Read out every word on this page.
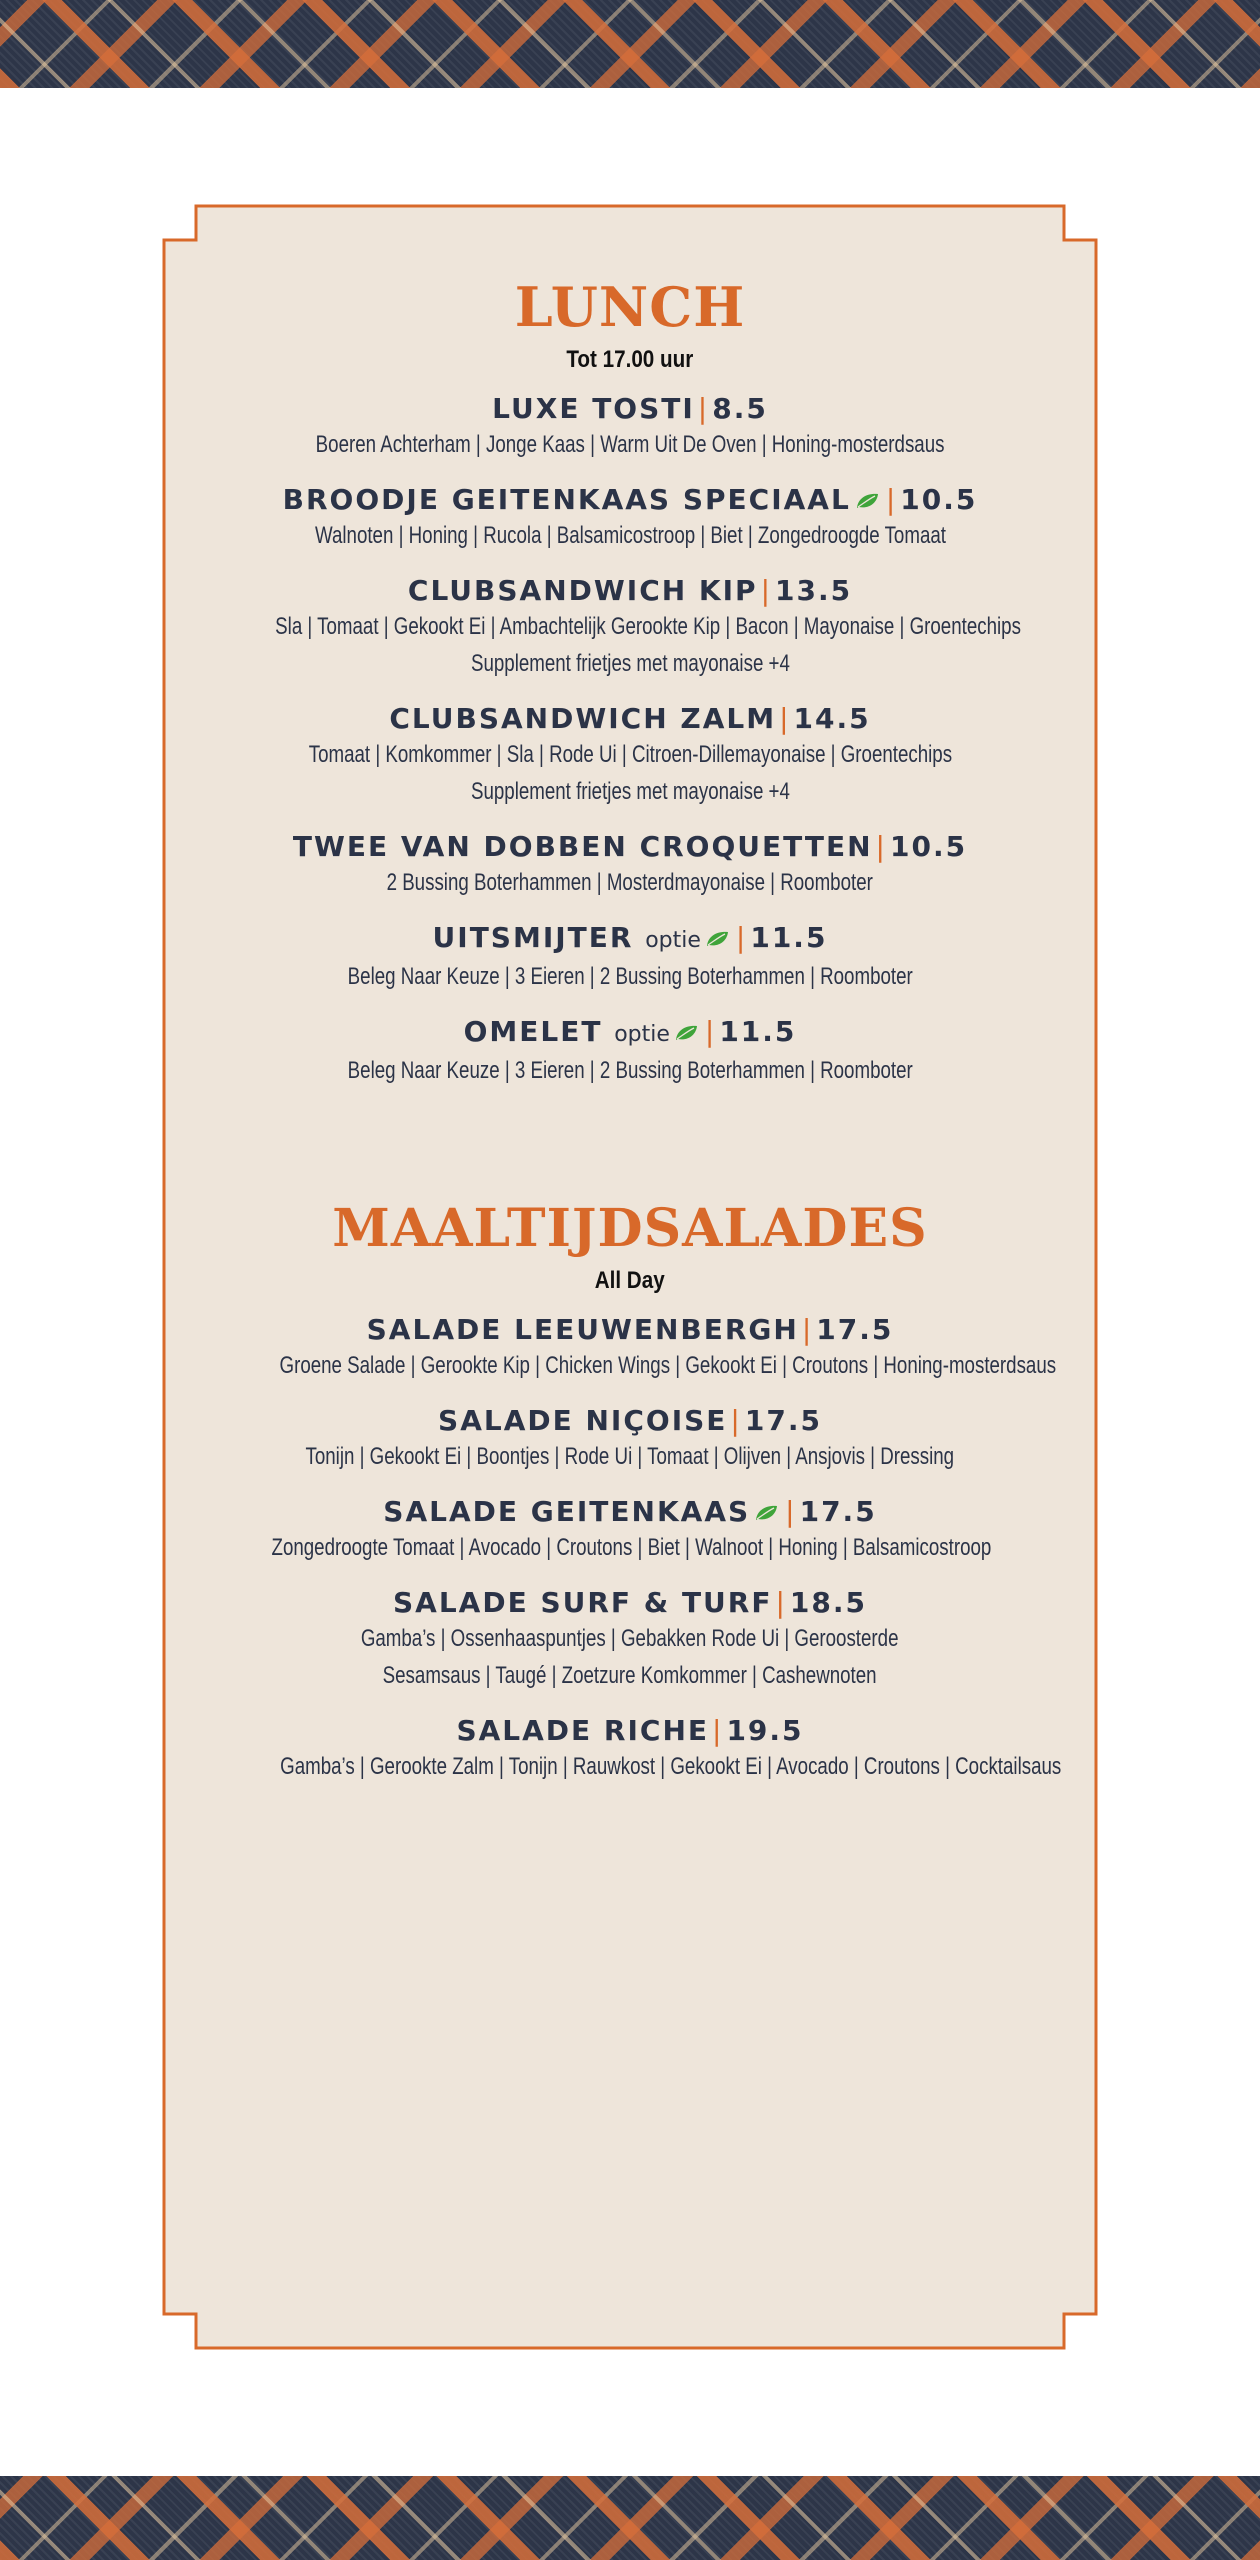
LUNCH
Tot 17.00 uur
LUXE TOSTI | 8.5
Boeren Achterham | Jonge Kaas | Warm Uit De Oven | Honing-mosterdsaus
BROODJE GEITENKAAS SPECIAAL | 10.5
Walnoten | Honing | Rucola | Balsamicostroop | Biet | Zongedroogde Tomaat
CLUBSANDWICH KIP | 13.5
Sla | Tomaat | Gekookt Ei | Ambachtelijk Gerookte Kip | Bacon | Mayonaise | Groentechips
Supplement frietjes met mayonaise +4
CLUBSANDWICH ZALM | 14.5
Tomaat | Komkommer | Sla | Rode Ui | Citroen-Dillemayonaise | Groentechips
Supplement frietjes met mayonaise +4
TWEE VAN DOBBEN CROQUETTEN | 10.5
2 Bussing Boterhammen | Mosterdmayonaise | Roomboter
UITSMIJTER optie | 11.5
Beleg Naar Keuze | 3 Eieren | 2 Bussing Boterhammen | Roomboter
OMELET optie | 11.5
Beleg Naar Keuze | 3 Eieren | 2 Bussing Boterhammen | Roomboter
MAALTIJDSALADES
All Day
SALADE LEEUWENBERGH | 17.5
Groene Salade | Gerookte Kip | Chicken Wings | Gekookt Ei | Croutons | Honing-mosterdsaus
SALADE NIÇOISE | 17.5
Tonijn | Gekookt Ei | Boontjes | Rode Ui | Tomaat | Olijven | Ansjovis | Dressing
SALADE GEITENKAAS | 17.5
Zongedroogte Tomaat | Avocado | Croutons | Biet | Walnoot | Honing | Balsamicostroop
SALADE SURF & TURF | 18.5
Gamba’s | Ossenhaaspuntjes | Gebakken Rode Ui | Geroosterde
Sesamsaus | Taugé | Zoetzure Komkommer | Cashewnoten
SALADE RICHE | 19.5
Gamba’s | Gerookte Zalm | Tonijn | Rauwkost | Gekookt Ei | Avocado | Croutons | Cocktailsaus
